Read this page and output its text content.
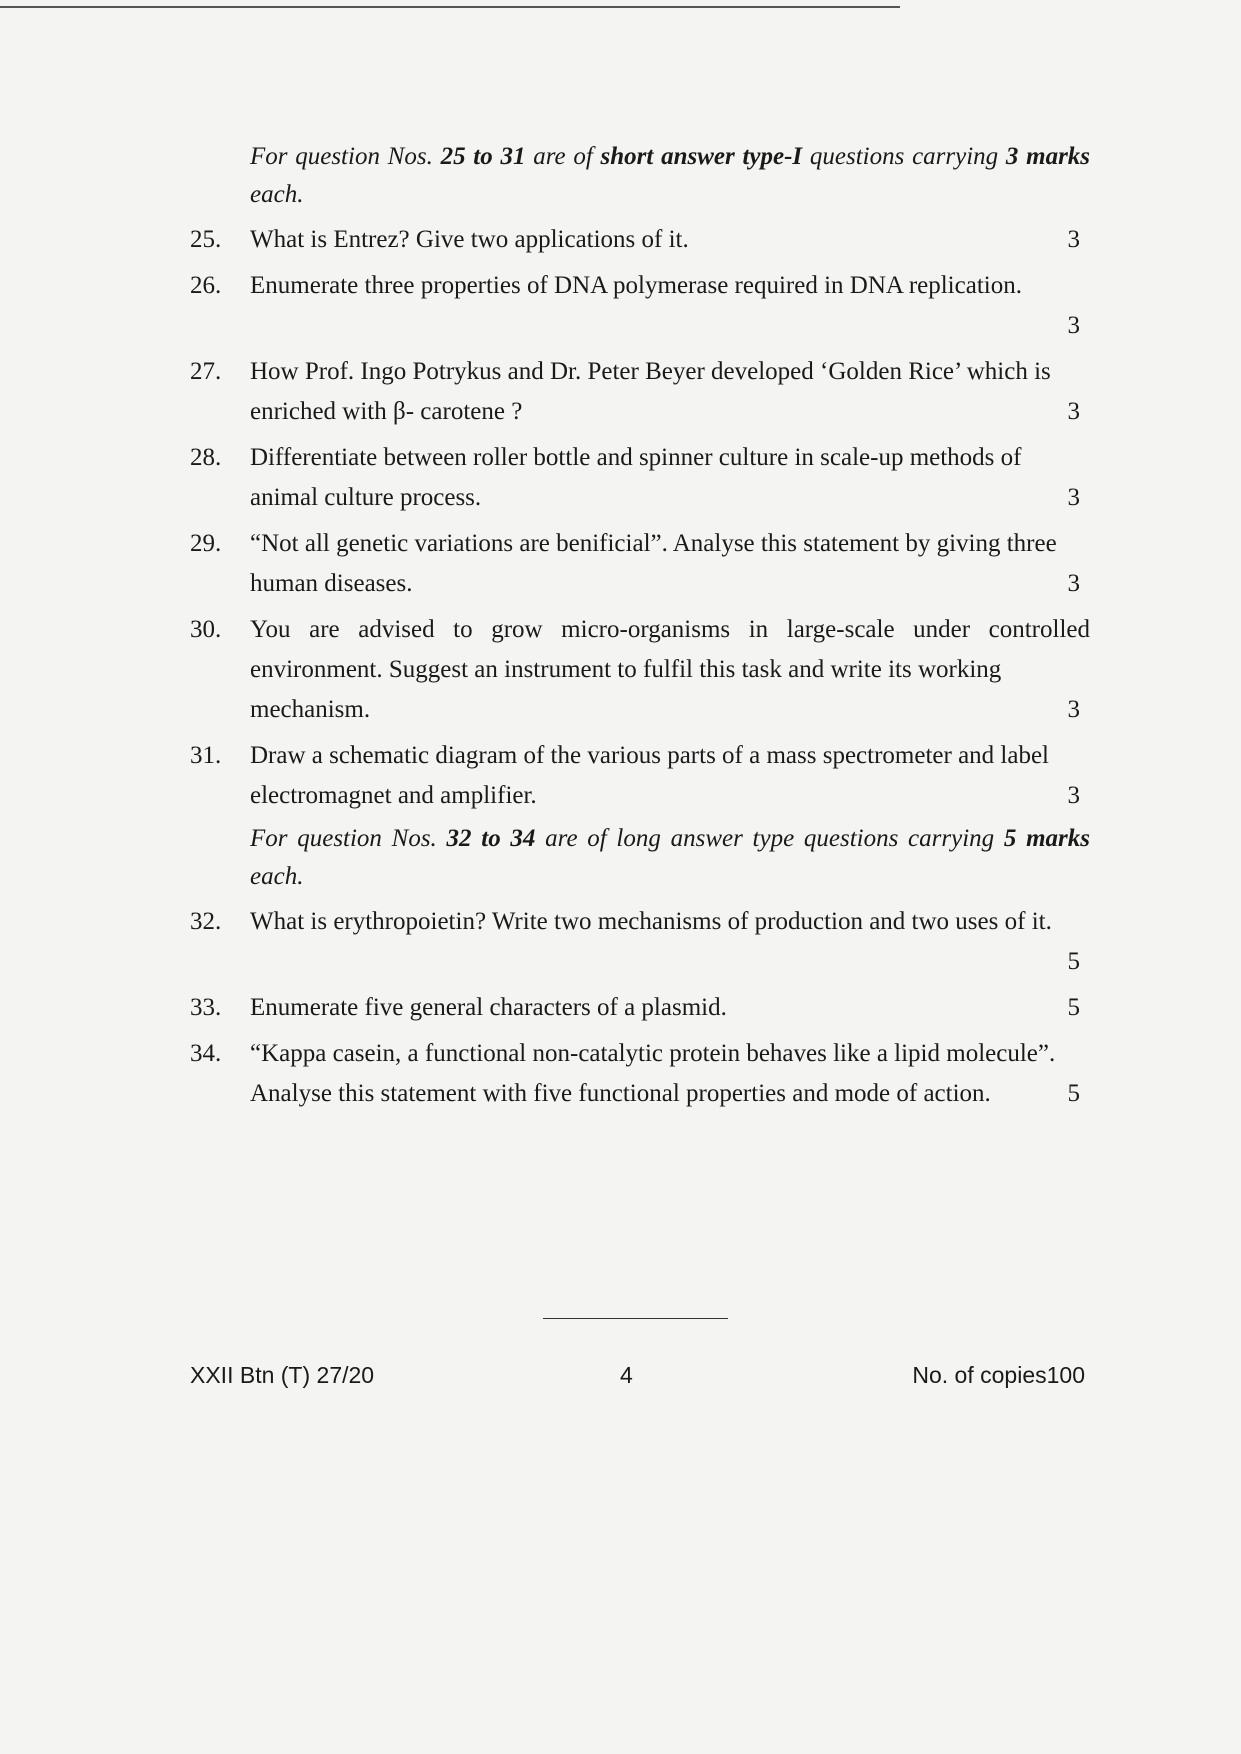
For question Nos. 25 to 31 are of short answer type-I questions carrying 3 marks each.
25.	What is Entrez? Give two applications of it.	3
26.	Enumerate three properties of DNA polymerase required in DNA replication.
3
27.	How Prof. Ingo Potrykus and Dr. Peter Beyer developed ‘Golden Rice’ which is
enriched with β- carotene ?	3
28.	Differentiate between roller bottle and spinner culture in scale-up methods of
animal culture process.	3
29.	“Not all genetic variations are benificial”. Analyse this statement by giving three
human diseases.	3
30.	You are advised to grow micro-organisms in large-scale under controlled environment. Suggest an instrument to fulfil this task and write its working
mechanism.	3
31.	Draw a schematic diagram of the various parts of a mass spectrometer and label
electromagnet and amplifier.	3
For question Nos. 32 to 34 are of long answer type questions carrying 5 marks each.
32.	What is erythropoietin? Write two mechanisms of production and two uses of it.
5
33.	Enumerate five general characters of a plasmid.	5
34.	“Kappa casein, a functional non-catalytic protein behaves like a lipid molecule”.
Analyse this statement with five functional properties and mode of action.	5
XXII Btn (T) 27/20	4	No. of copies100
